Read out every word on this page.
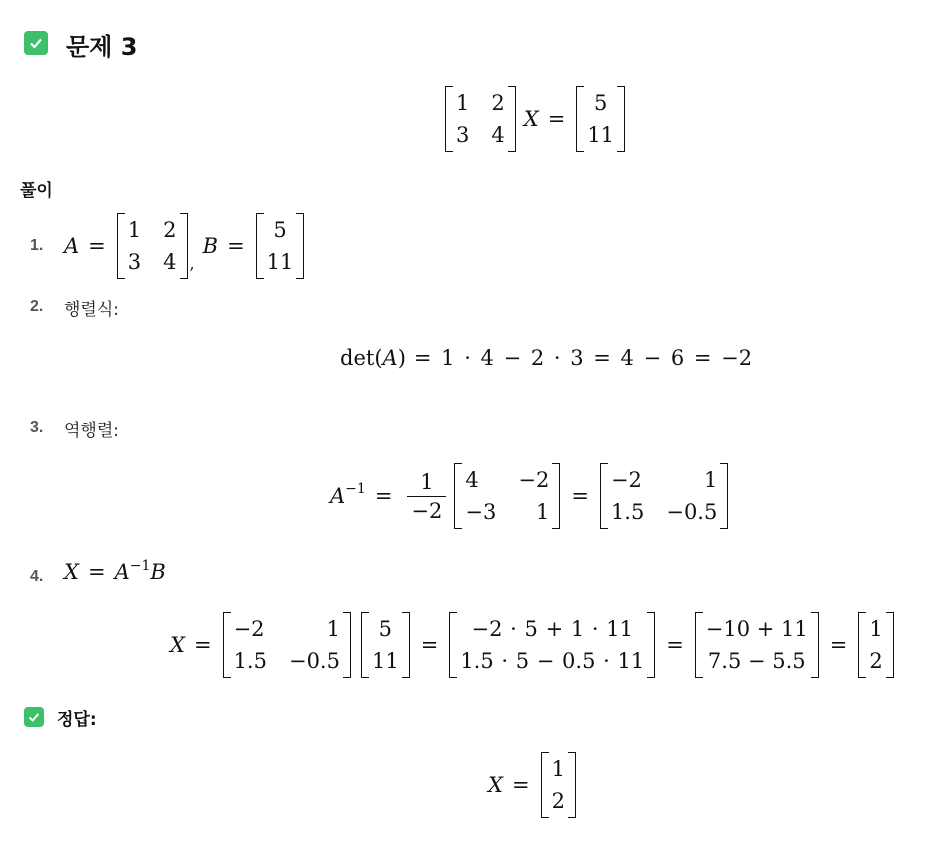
문제 3
1 2
3 4
X =
5
11
풀이
1. A =
1 2
3 4 ,
B =
5
11
2. 행렬식:
det ( A ) = 1 · 4 − 2 · 3 = 4 − 6 = −2
3. 역행렬:
$A^{-1} = \frac{1}{-2} 4$	−2
−3	1
=
−2	1
1.5 −0.5
4. $X = A^{-1}$ B
X =
−2	1
1.5 −0.5
5
11
=
−2 · 5 + 1 · 11
1.5 · 5 − 0.5 · 11
=
−10 + 11
7.5 − 5.5
=
1
2
정답:
X =
1
2
